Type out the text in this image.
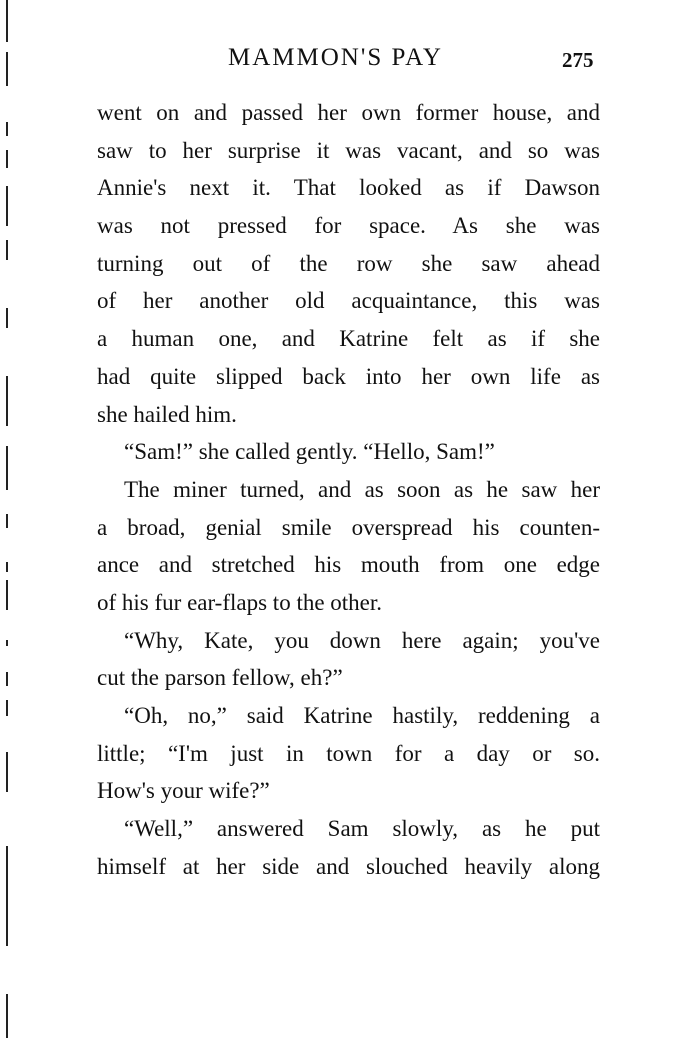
MAMMON'S PAY	275
went on and passed her own former house, and
saw to her surprise it was vacant, and so was
Annie's next it. That looked as if Dawson
was not pressed for space. As she was
turning out of the row she saw ahead
of her another old acquaintance, this was
a human one, and Katrine felt as if she
had quite slipped back into her own life as
she hailed him.
“Sam!” she called gently. “Hello, Sam!”
The miner turned, and as soon as he saw her
a broad, genial smile overspread his counten-
ance and stretched his mouth from one edge
of his fur ear-flaps to the other.
“Why, Kate, you down here again; you've
cut the parson fellow, eh?”
“Oh, no,” said Katrine hastily, reddening a
little; “I'm just in town for a day or so.
How's your wife?”
“Well,” answered Sam slowly, as he put
himself at her side and slouched heavily along
